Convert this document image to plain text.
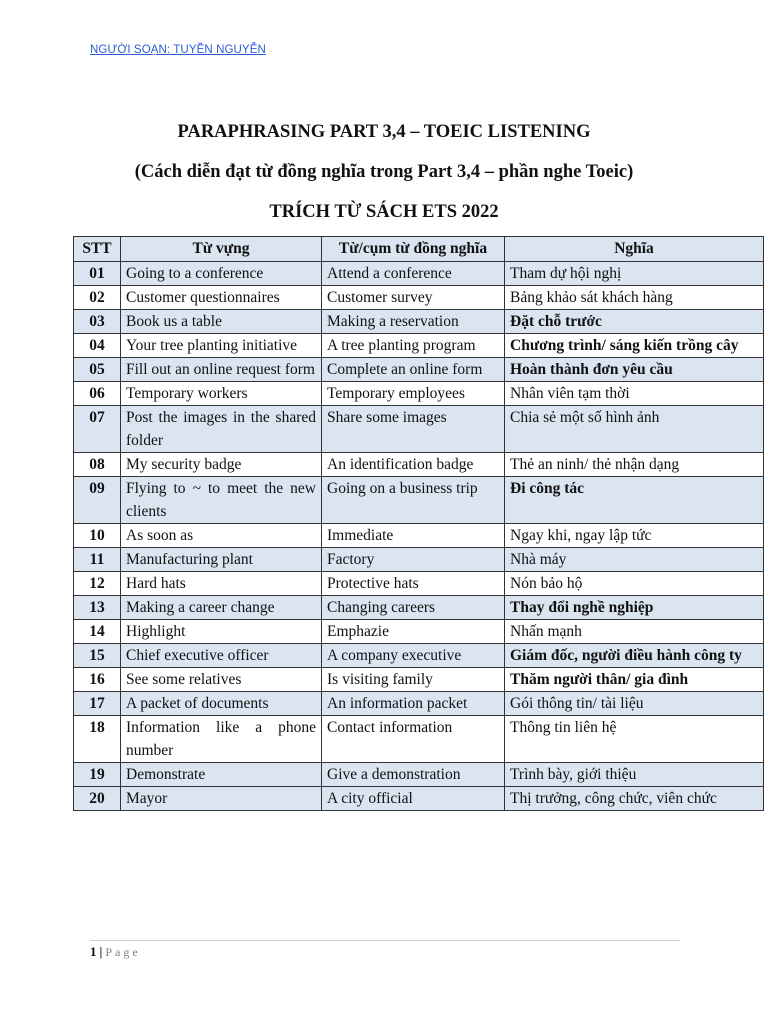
NGƯỜI SOẠN: TUYỀN NGUYỄN
PARAPHRASING PART 3,4 – TOEIC LISTENING
(Cách diễn đạt từ đồng nghĩa trong Part 3,4 – phần nghe Toeic)
TRÍCH TỪ SÁCH ETS 2022
STT	Từ vựng	Từ/cụm từ đồng nghĩa	Nghĩa
01	Going to a conference	Attend a conference	Tham dự hội nghị
02	Customer questionnaires	Customer survey	Bảng khảo sát khách hàng
03	Book us a table	Making a reservation	Đặt chỗ trước
04	Your tree planting initiative	A tree planting program	Chương trình/ sáng kiến trồng cây
05	Fill out an online request form	Complete an online form	Hoàn thành đơn yêu cầu
06	Temporary workers	Temporary employees	Nhân viên tạm thời
07	Post the images in the shared folder	Share some images	Chia sẻ một số hình ảnh
08	My security badge	An identification badge	Thẻ an ninh/ thẻ nhận dạng
09	Flying to ~ to meet the new clients	Going on a business trip	Đi công tác
10	As soon as	Immediate	Ngay khi, ngay lập tức
11	Manufacturing plant	Factory	Nhà máy
12	Hard hats	Protective hats	Nón bảo hộ
13	Making a career change	Changing careers	Thay đổi nghề nghiệp
14	Highlight	Emphazie	Nhấn mạnh
15	Chief executive officer	A company executive	Giám đốc, người điều hành công ty
16	See some relatives	Is visiting family	Thăm người thân/ gia đình
17	A packet of documents	An information packet	Gói thông tin/ tài liệu
18	Information like a phone number	Contact information	Thông tin liên hệ
19	Demonstrate	Give a demonstration	Trình bày, giới thiệu
20	Mayor	A city official	Thị trưởng, công chức, viên chức
1 | Page
